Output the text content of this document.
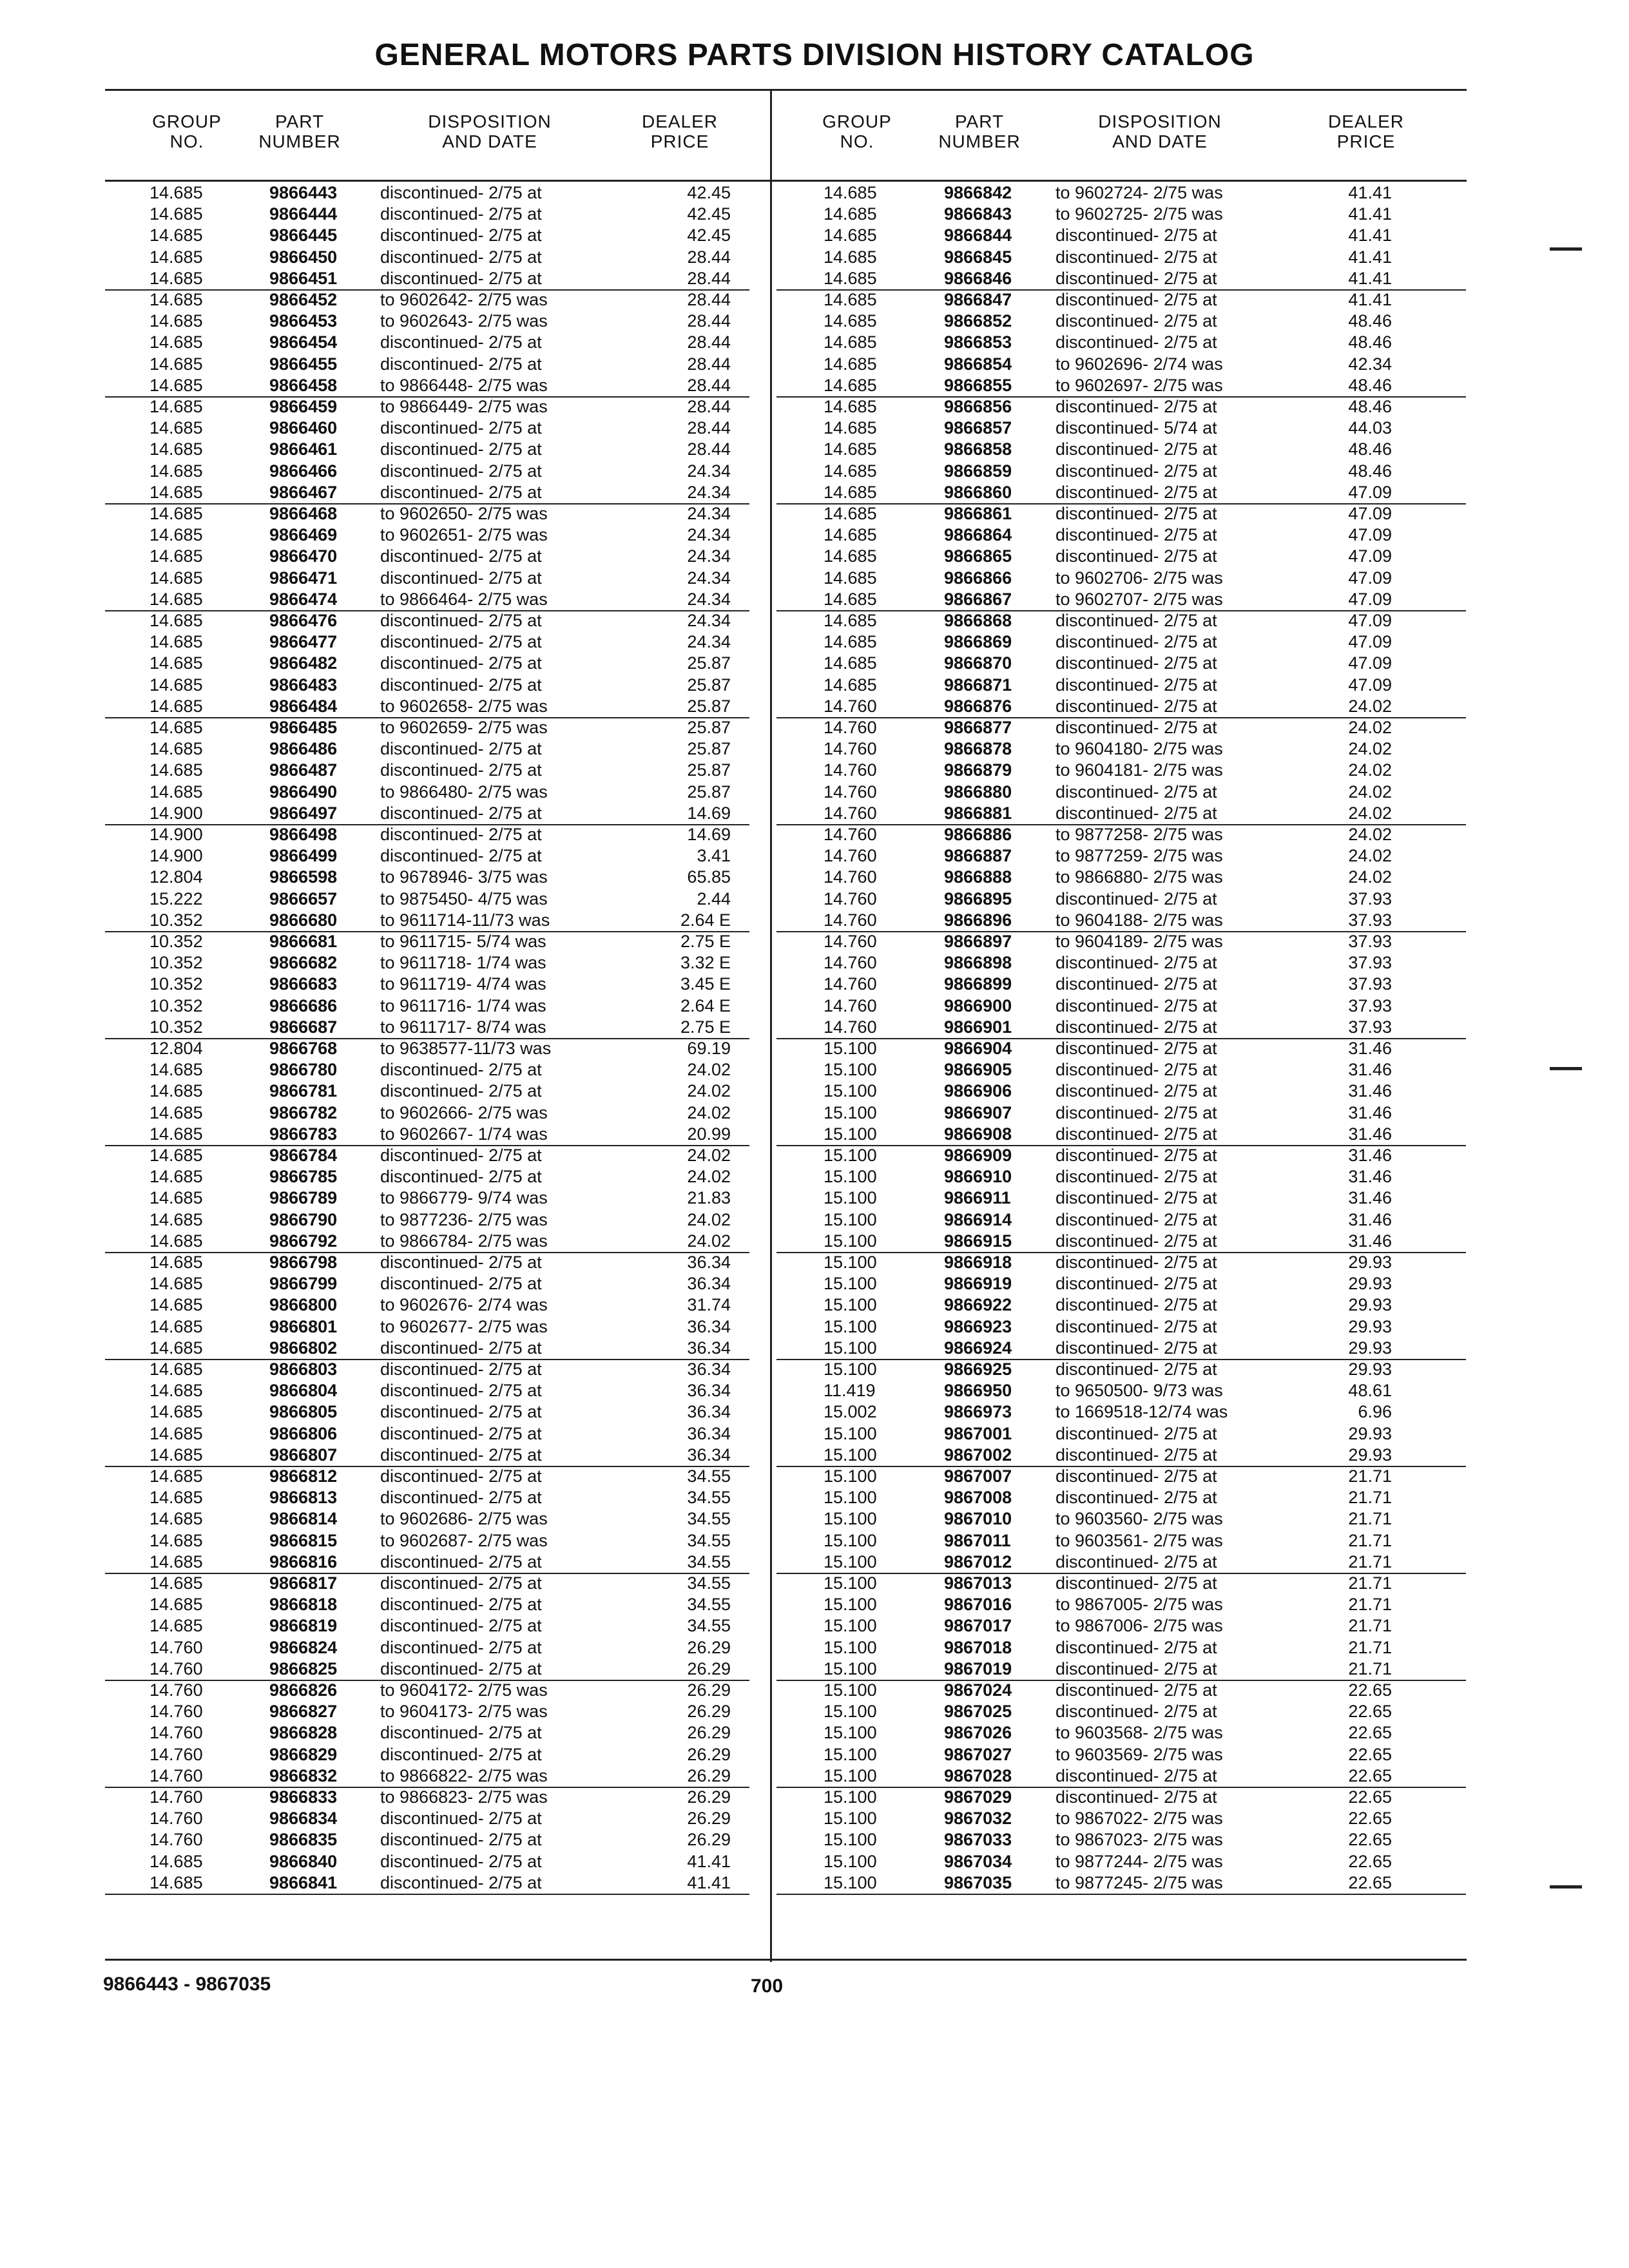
GENERAL MOTORS PARTS DIVISION HISTORY CATALOG
GROUP
NO.
PART
NUMBER
DISPOSITION
AND DATE
DEALER
PRICE
GROUP
NO.
PART
NUMBER
DISPOSITION
AND DATE
DEALER
PRICE
14.685	9866443 discontinued- 2/75 at	42.45
14.685	9866444 discontinued- 2/75 at	42.45
14.685	9866445 discontinued- 2/75 at	42.45
14.685	9866450 discontinued- 2/75 at	28.44
14.685	9866451 discontinued- 2/75 at	28.44
14.685	9866452 to 9602642- 2/75 was	28.44
14.685	9866453 to 9602643- 2/75 was	28.44
14.685	9866454 discontinued- 2/75 at	28.44
14.685	9866455 discontinued- 2/75 at	28.44
14.685	9866458 to 9866448- 2/75 was	28.44
14.685	9866459 to 9866449- 2/75 was	28.44
14.685	9866460 discontinued- 2/75 at	28.44
14.685	9866461 discontinued- 2/75 at	28.44
14.685	9866466 discontinued- 2/75 at	24.34
14.685	9866467 discontinued- 2/75 at	24.34
14.685	9866468 to 9602650- 2/75 was	24.34
14.685	9866469 to 9602651- 2/75 was	24.34
14.685	9866470 discontinued- 2/75 at	24.34
14.685	9866471 discontinued- 2/75 at	24.34
14.685	9866474 to 9866464- 2/75 was	24.34
14.685	9866476 discontinued- 2/75 at	24.34
14.685	9866477 discontinued- 2/75 at	24.34
14.685	9866482 discontinued- 2/75 at	25.87
14.685	9866483 discontinued- 2/75 at	25.87
14.685	9866484 to 9602658- 2/75 was	25.87
14.685	9866485 to 9602659- 2/75 was	25.87
14.685	9866486 discontinued- 2/75 at	25.87
14.685	9866487 discontinued- 2/75 at	25.87
14.685	9866490 to 9866480- 2/75 was	25.87
14.900	9866497 discontinued- 2/75 at	14.69
14.900	9866498 discontinued- 2/75 at	14.69
14.900	9866499 discontinued- 2/75 at	3.41
12.804	9866598 to 9678946- 3/75 was	65.85
15.222	9866657 to 9875450- 4/75 was	2.44
10.352	9866680 to 9611714-11/73 was	2.64 E
10.352	9866681 to 9611715- 5/74 was	2.75 E
10.352	9866682 to 9611718- 1/74 was	3.32 E
10.352	9866683 to 9611719- 4/74 was	3.45 E
10.352	9866686 to 9611716- 1/74 was	2.64 E
10.352	9866687 to 9611717- 8/74 was	2.75 E
12.804	9866768 to 9638577-11/73 was	69.19
14.685	9866780 discontinued- 2/75 at	24.02
14.685	9866781 discontinued- 2/75 at	24.02
14.685	9866782 to 9602666- 2/75 was	24.02
14.685	9866783 to 9602667- 1/74 was	20.99
14.685	9866784 discontinued- 2/75 at	24.02
14.685	9866785 discontinued- 2/75 at	24.02
14.685	9866789 to 9866779- 9/74 was	21.83
14.685	9866790 to 9877236- 2/75 was	24.02
14.685	9866792 to 9866784- 2/75 was	24.02
14.685	9866798 discontinued- 2/75 at	36.34
14.685	9866799 discontinued- 2/75 at	36.34
14.685	9866800 to 9602676- 2/74 was	31.74
14.685	9866801 to 9602677- 2/75 was	36.34
14.685	9866802 discontinued- 2/75 at	36.34
14.685	9866803 discontinued- 2/75 at	36.34
14.685	9866804 discontinued- 2/75 at	36.34
14.685	9866805 discontinued- 2/75 at	36.34
14.685	9866806 discontinued- 2/75 at	36.34
14.685	9866807 discontinued- 2/75 at	36.34
14.685	9866812 discontinued- 2/75 at	34.55
14.685	9866813 discontinued- 2/75 at	34.55
14.685	9866814 to 9602686- 2/75 was	34.55
14.685	9866815 to 9602687- 2/75 was	34.55
14.685	9866816 discontinued- 2/75 at	34.55
14.685	9866817 discontinued- 2/75 at	34.55
14.685	9866818 discontinued- 2/75 at	34.55
14.685	9866819 discontinued- 2/75 at	34.55
14.760	9866824 discontinued- 2/75 at	26.29
14.760	9866825 discontinued- 2/75 at	26.29
14.760	9866826 to 9604172- 2/75 was	26.29
14.760	9866827 to 9604173- 2/75 was	26.29
14.760	9866828 discontinued- 2/75 at	26.29
14.760	9866829 discontinued- 2/75 at	26.29
14.760	9866832 to 9866822- 2/75 was	26.29
14.760	9866833 to 9866823- 2/75 was	26.29
14.760	9866834 discontinued- 2/75 at	26.29
14.760	9866835 discontinued- 2/75 at	26.29
14.685	9866840 discontinued- 2/75 at	41.41
14.685	9866841 discontinued- 2/75 at	41.41
14.685	9866842	to 9602724- 2/75 was	41.41
14.685	9866843	to 9602725- 2/75 was	41.41
14.685	9866844	discontinued- 2/75 at	41.41
14.685	9866845	discontinued- 2/75 at	41.41
14.685	9866846	discontinued- 2/75 at	41.41
14.685	9866847	discontinued- 2/75 at	41.41
14.685	9866852	discontinued- 2/75 at	48.46
14.685	9866853	discontinued- 2/75 at	48.46
14.685	9866854	to 9602696- 2/74 was	42.34
14.685	9866855	to 9602697- 2/75 was	48.46
14.685	9866856	discontinued- 2/75 at	48.46
14.685	9866857	discontinued- 5/74 at	44.03
14.685	9866858	discontinued- 2/75 at	48.46
14.685	9866859	discontinued- 2/75 at	48.46
14.685	9866860	discontinued- 2/75 at	47.09
14.685	9866861	discontinued- 2/75 at	47.09
14.685	9866864	discontinued- 2/75 at	47.09
14.685	9866865	discontinued- 2/75 at	47.09
14.685	9866866	to 9602706- 2/75 was	47.09
14.685	9866867	to 9602707- 2/75 was	47.09
14.685	9866868	discontinued- 2/75 at	47.09
14.685	9866869	discontinued- 2/75 at	47.09
14.685	9866870	discontinued- 2/75 at	47.09
14.685	9866871	discontinued- 2/75 at	47.09
14.760	9866876	discontinued- 2/75 at	24.02
14.760	9866877	discontinued- 2/75 at	24.02
14.760	9866878	to 9604180- 2/75 was	24.02
14.760	9866879	to 9604181- 2/75 was	24.02
14.760	9866880	discontinued- 2/75 at	24.02
14.760	9866881	discontinued- 2/75 at	24.02
14.760	9866886	to 9877258- 2/75 was	24.02
14.760	9866887	to 9877259- 2/75 was	24.02
14.760	9866888	to 9866880- 2/75 was	24.02
14.760	9866895	discontinued- 2/75 at	37.93
14.760	9866896	to 9604188- 2/75 was	37.93
14.760	9866897	to 9604189- 2/75 was	37.93
14.760	9866898	discontinued- 2/75 at	37.93
14.760	9866899	discontinued- 2/75 at	37.93
14.760	9866900	discontinued- 2/75 at	37.93
14.760	9866901	discontinued- 2/75 at	37.93
15.100	9866904	discontinued- 2/75 at	31.46
15.100	9866905	discontinued- 2/75 at	31.46
15.100	9866906	discontinued- 2/75 at	31.46
15.100	9866907	discontinued- 2/75 at	31.46
15.100	9866908	discontinued- 2/75 at	31.46
15.100	9866909	discontinued- 2/75 at	31.46
15.100	9866910	discontinued- 2/75 at	31.46
15.100	9866911	discontinued- 2/75 at	31.46
15.100	9866914	discontinued- 2/75 at	31.46
15.100	9866915	discontinued- 2/75 at	31.46
15.100	9866918	discontinued- 2/75 at	29.93
15.100	9866919	discontinued- 2/75 at	29.93
15.100	9866922	discontinued- 2/75 at	29.93
15.100	9866923	discontinued- 2/75 at	29.93
15.100	9866924	discontinued- 2/75 at	29.93
15.100	9866925	discontinued- 2/75 at	29.93
11.419	9866950	to 9650500- 9/73 was	48.61
15.002	9866973	to 1669518-12/74 was	6.96
15.100	9867001	discontinued- 2/75 at	29.93
15.100	9867002	discontinued- 2/75 at	29.93
15.100	9867007	discontinued- 2/75 at	21.71
15.100	9867008	discontinued- 2/75 at	21.71
15.100	9867010	to 9603560- 2/75 was	21.71
15.100	9867011	to 9603561- 2/75 was	21.71
15.100	9867012	discontinued- 2/75 at	21.71
15.100	9867013	discontinued- 2/75 at	21.71
15.100	9867016	to 9867005- 2/75 was	21.71
15.100	9867017	to 9867006- 2/75 was	21.71
15.100	9867018	discontinued- 2/75 at	21.71
15.100	9867019	discontinued- 2/75 at	21.71
15.100	9867024	discontinued- 2/75 at	22.65
15.100	9867025	discontinued- 2/75 at	22.65
15.100	9867026	to 9603568- 2/75 was	22.65
15.100	9867027	to 9603569- 2/75 was	22.65
15.100	9867028	discontinued- 2/75 at	22.65
15.100	9867029	discontinued- 2/75 at	22.65
15.100	9867032	to 9867022- 2/75 was	22.65
15.100	9867033	to 9867023- 2/75 was	22.65
15.100	9867034	to 9877244- 2/75 was	22.65
15.100	9867035	to 9877245- 2/75 was	22.65
9866443 - 9867035	700
